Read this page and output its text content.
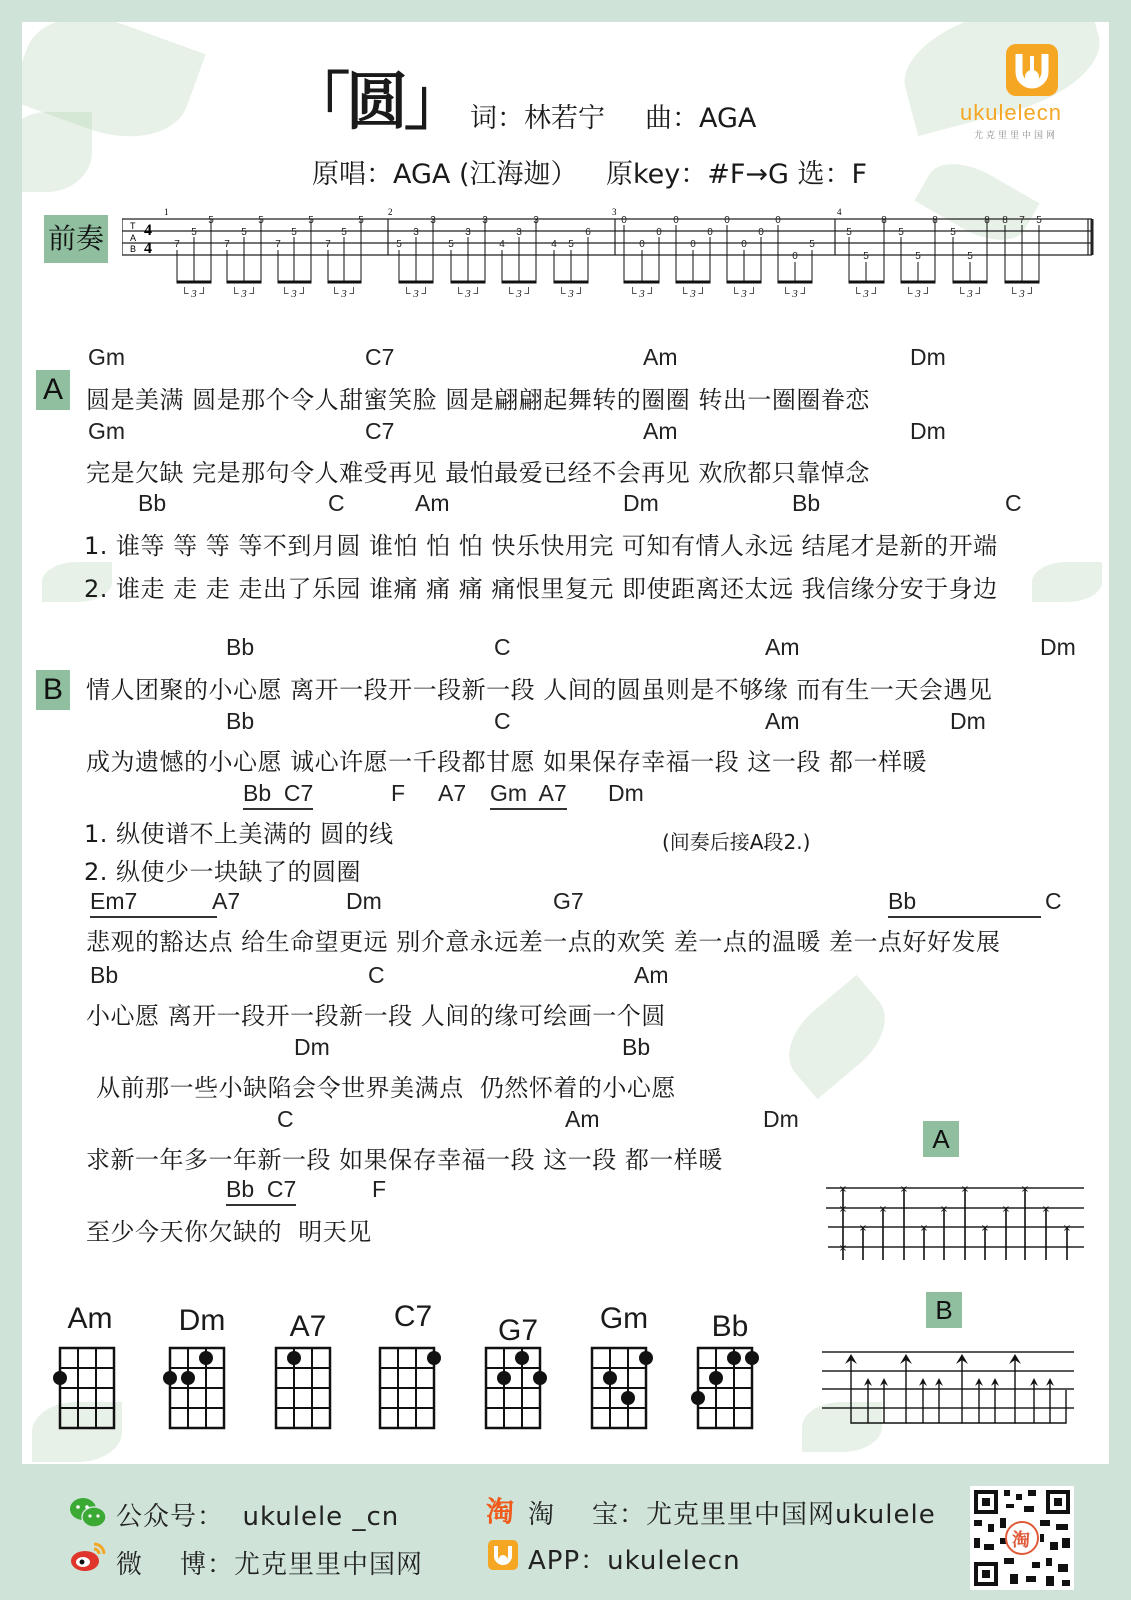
「圆」 词：林若宁 曲：AGA
原唱：AGA (江海迦） 原key：#F→G 选：F
ukulelecn
尤克里里中国网
前奏	T
A
B
4
4
1	2	3	4
7
5
5
7
5
5
7
5
5
7
5
5
5
3
3
5
3
3
4
3
3
4 5
6
0
0
0
0
0
0
0
0
0
0
0
5
5
5
8
5
5
8
5
5
8 8 7 5
└ 3 ┘ └ 3 ┘ └ 3 ┘ └ 3 ┘	└ 3 ┘ └ 3 ┘ └ 3 ┘ └ 3 ┘	└ 3 ┘ └ 3 ┘ └ 3 ┘ └ 3 ┘	└ 3 ┘ └ 3 ┘ └ 3 ┘ └ 3 ┘
A
Gm	C7	Am	Dm
圆是美满 圆是那个令人甜蜜笑脸 圆是翩翩起舞转的圈圈 转出一圈圈眷恋
Gm	C7	Am	Dm
完是欠缺 完是那句令人难受再见 最怕最爱已经不会再见 欢欣都只靠悼念
Bb	C	Am	Dm	Bb	C
1. 谁等 等 等 等不到月圆 谁怕 怕 怕 快乐快用完 可知有情人永远 结尾才是新的开端
2. 谁走 走 走 走出了乐园 谁痛 痛 痛 痛恨里复元 即使距离还太远 我信缘分安于身边
B
Bb	C	Am	Dm
情人团聚的小心愿 离开一段开一段新一段 人间的圆虽则是不够缘 而有生一天会遇见
Bb	C	Am	Dm
成为遗憾的小心愿 诚心许愿一千段都甘愿 如果保存幸福一段 这一段 都一样暖
Bb  C7	F A7 Gm  A7 Dm
1. 纵使谱不上美满的 圆的线	(间奏后接A段2.)
2. 纵使少一块缺了的圆圈
Em7	A7	Dm	G7	Bb	C
悲观的豁达点 给生命望更远 别介意永远差一点的欢笑 差一点的温暖 差一点好好发展
Bb	C	Am
小心愿 离开一段开一段新一段 人间的缘可绘画一个圆
Dm	Bb
从前那一些小缺陷会令世界美满点  仍然怀着的小心愿
C	Am	Dm
求新一年多一年新一段 如果保存幸福一段 这一段 都一样暖
Bb  C7	F
至少今天你欠缺的  明天见
A
×
×
×
×
×
×
×
×
×
×
×
×
×
×
B
Am	Dm	A7	C7	G7	Gm	Bb
公众号：  ukulele _cn
微    博：尤克里里中国网
淘 淘    宝：尤克里里中国网ukulele
APP：ukulelecn
淘
